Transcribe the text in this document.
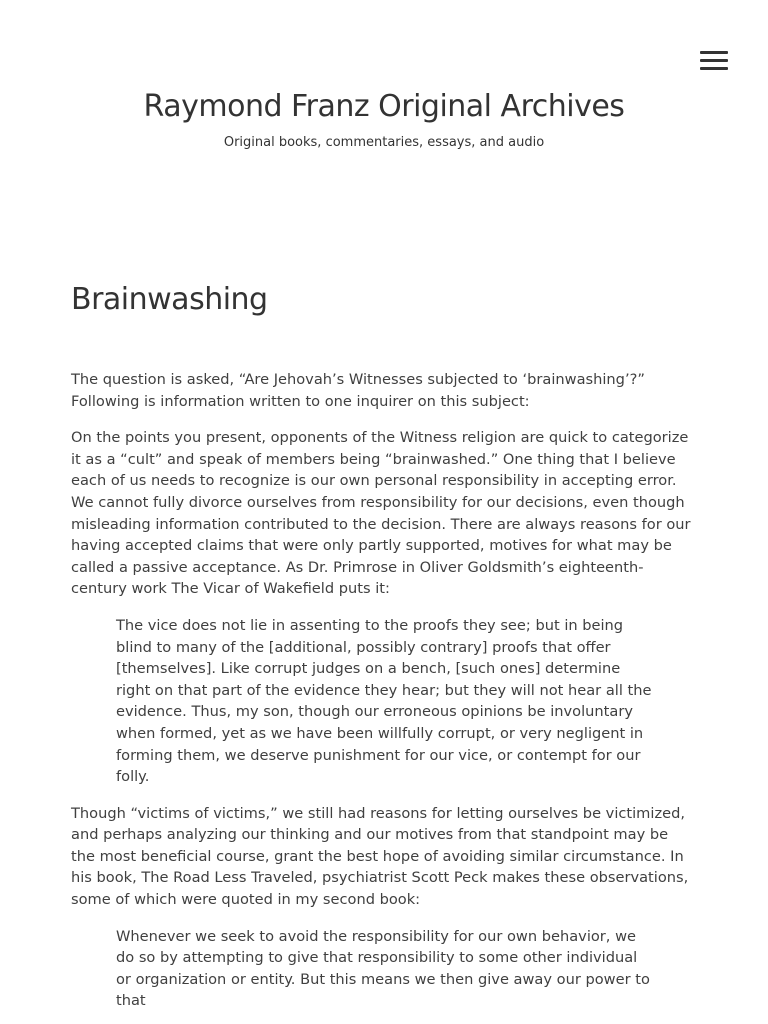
Raymond Franz Original Archives

Original books, commentaries, essays, and audio

Brainwashing

The question is asked, “Are Jehovah’s Witnesses subjected to ‘brainwashing’?” Following is information written to one inquirer on this subject:

On the points you present, opponents of the Witness religion are quick to categorize it as a “cult” and speak of members being “brainwashed.” One thing that I believe each of us needs to recognize is our own personal responsibility in accepting error. We cannot fully divorce ourselves from responsibility for our decisions, even though misleading information contributed to the decision. There are always reasons for our having accepted claims that were only partly supported, motives for what may be called a passive acceptance. As Dr. Primrose in Oliver Goldsmith’s eighteenth-century work The Vicar of Wakefield puts it:

The vice does not lie in assenting to the proofs they see; but in being blind to many of the [additional, possibly contrary] proofs that offer [themselves]. Like corrupt judges on a bench, [such ones] determine right on that part of the evidence they hear; but they will not hear all the evidence. Thus, my son, though our erroneous opinions be involuntary when formed, yet as we have been willfully corrupt, or very negligent in forming them, we deserve punishment for our vice, or contempt for our folly.

Though “victims of victims,” we still had reasons for letting ourselves be victimized, and perhaps analyzing our thinking and our motives from that standpoint may be the most beneficial course, grant the best hope of avoiding similar circumstance. In his book, The Road Less Traveled, psychiatrist Scott Peck makes these observations, some of which were quoted in my second book:

Whenever we seek to avoid the responsibility for our own behavior, we do so by attempting to give that responsibility to some other individual or organization or entity. But this means we then give away our power to that
